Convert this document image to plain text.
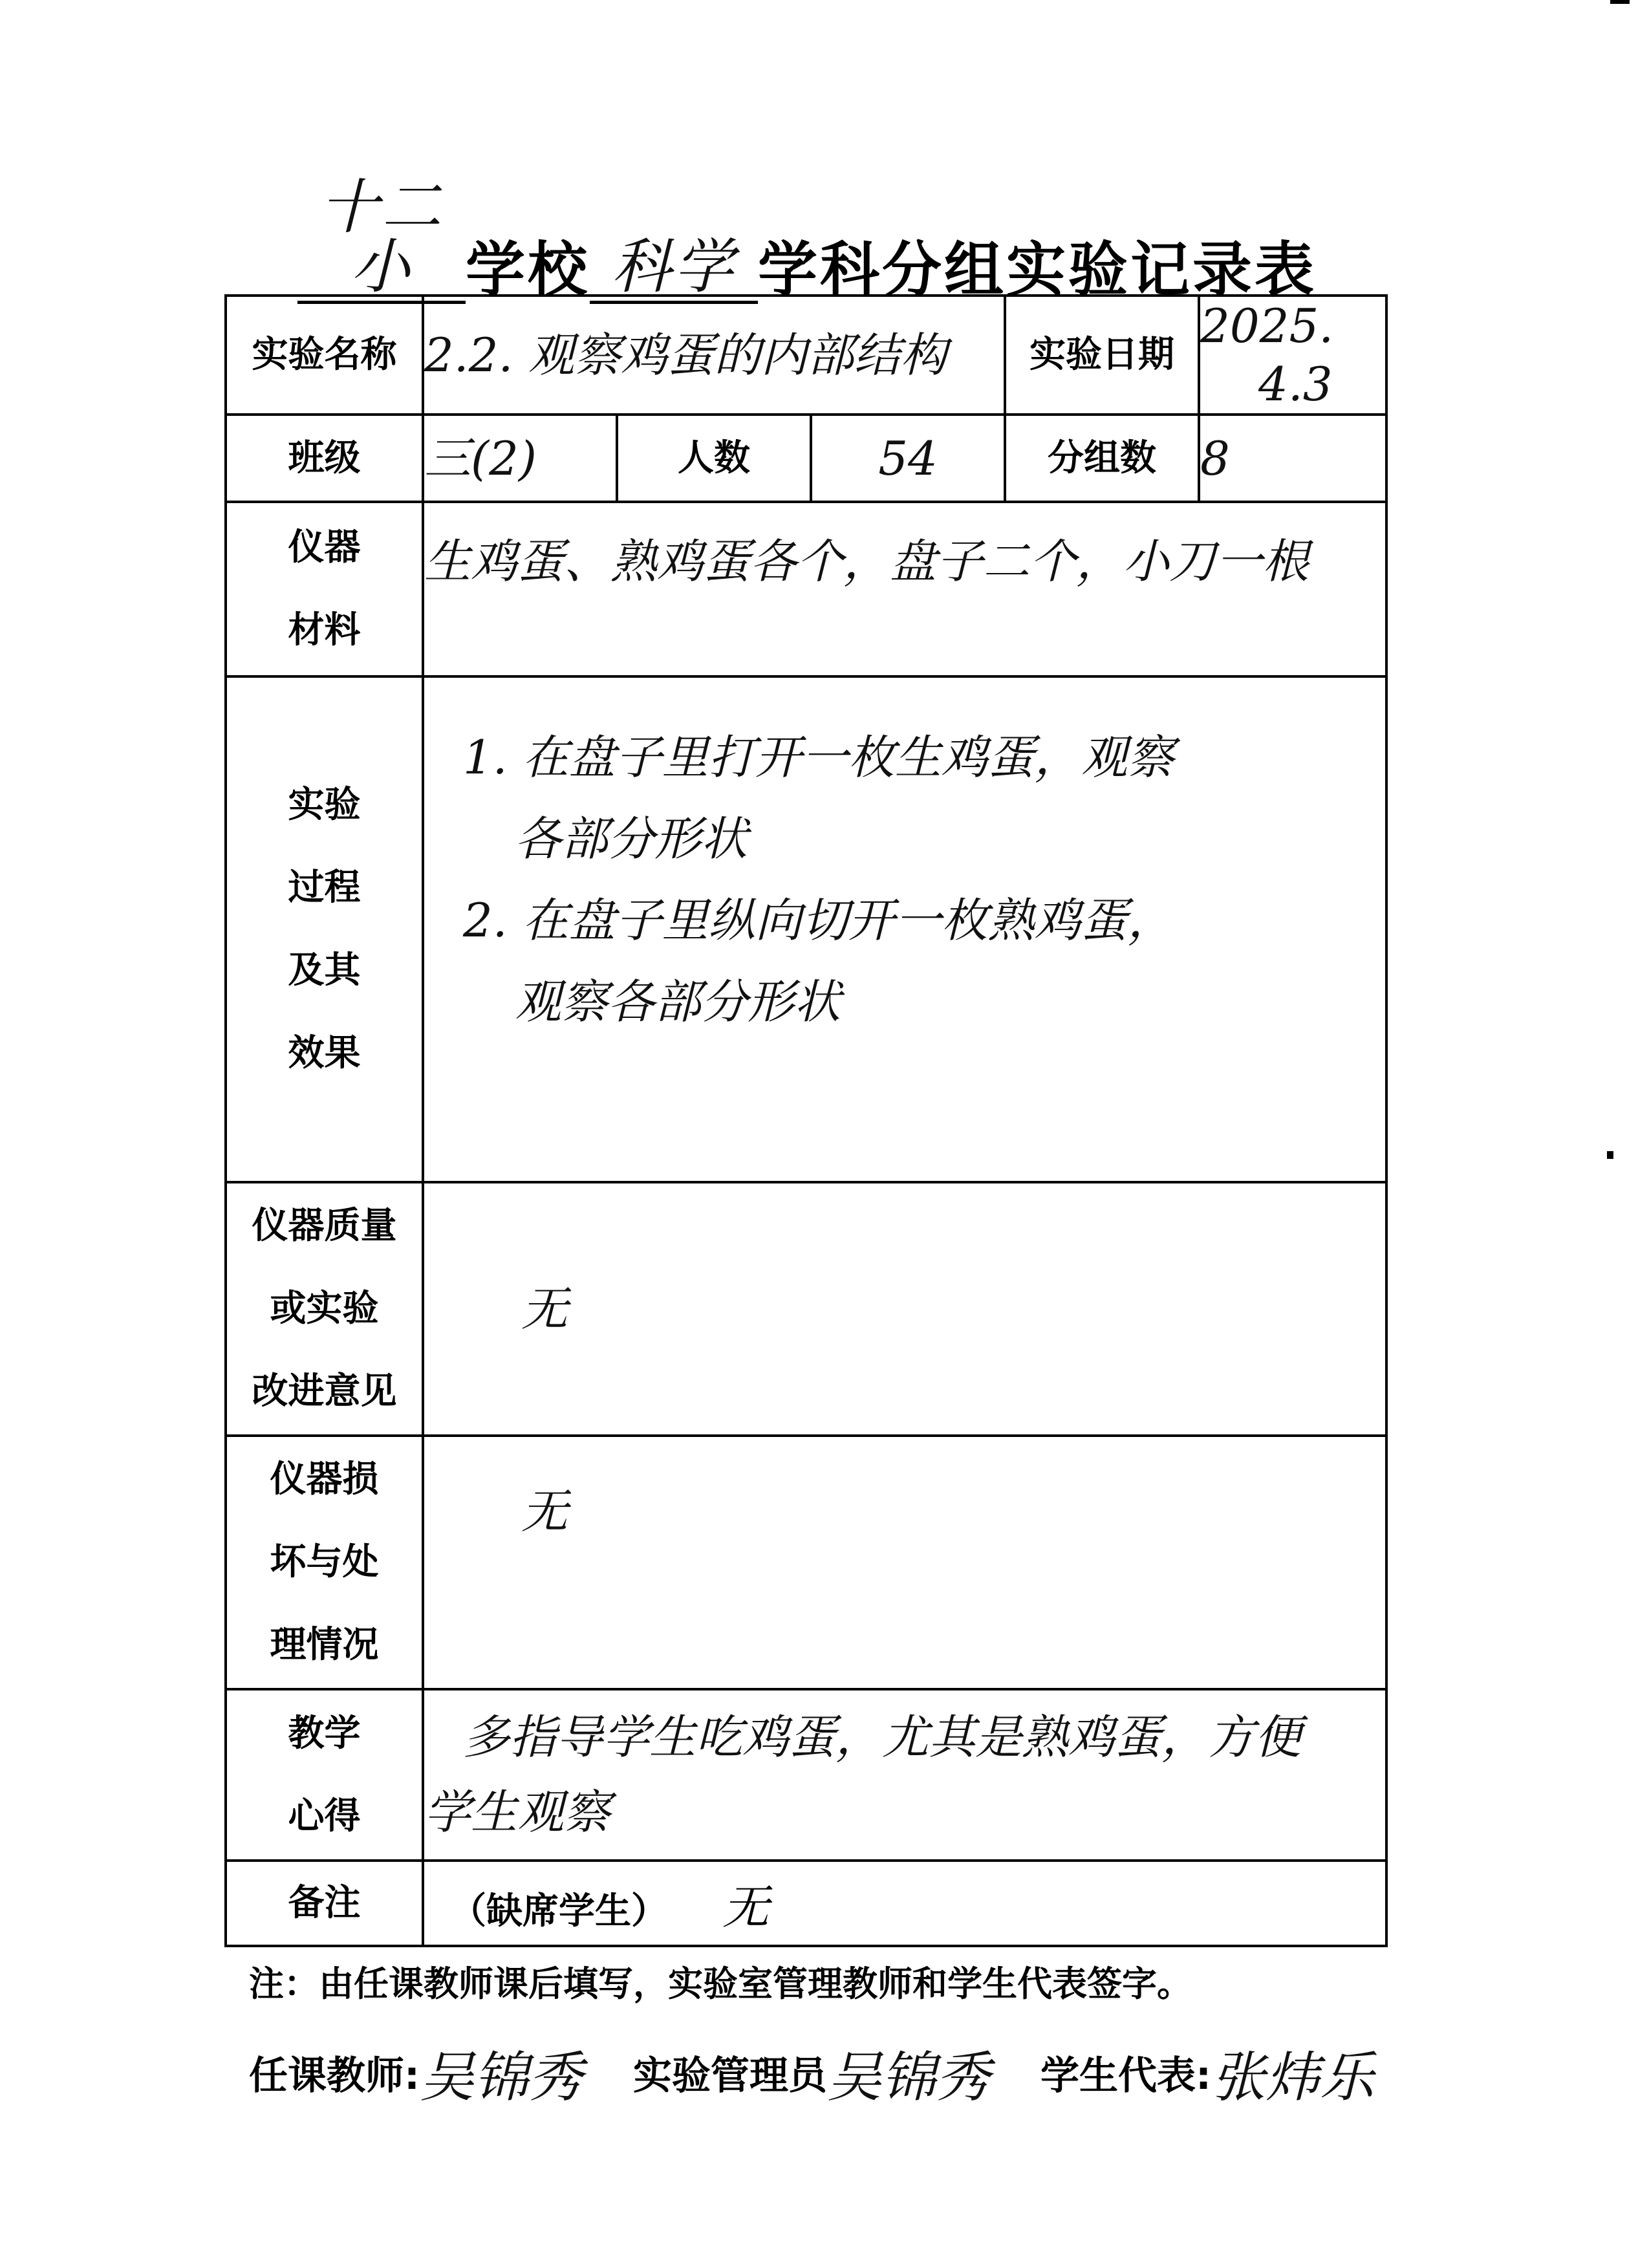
十二小 学校 科学 学科分组实验记录表
实验名称	2.2. 观察鸡蛋的内部结构			实验日期	2025.
4.3

班级	三(2)	人数	54	分组数	8

仪器
材料	生鸡蛋、熟鸡蛋各个，盘子二个，小刀一根				

实验
过程
及其
效果	1. 在盘子里打开一枚生鸡蛋，观察
各部分形状
2. 在盘子里纵向切开一枚熟鸡蛋，
观察各部分形状				

仪器质量
或实验
改进意见	无				

仪器损
坏与处
理情况	无				

教学
心得	多指导学生吃鸡蛋，尤其是熟鸡蛋，方便
学生观察				

备注	（缺席学生） 无				
注：由任课教师课后填写，实验室管理教师和学生代表签字。
任课教师: 吴锦秀	实验管理员 吴锦秀	学生代表: 张炜乐
